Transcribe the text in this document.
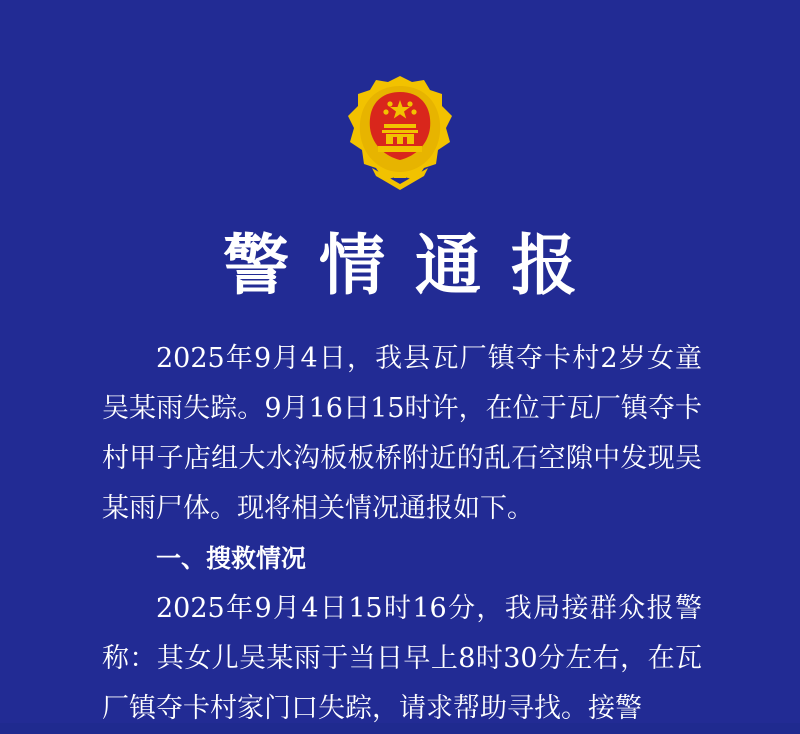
警情通报

2025年9月4日，我县瓦厂镇夺卡村2岁女童吴某雨失踪。9月16日15时许，在位于瓦厂镇夺卡村甲子店组大水沟板板桥附近的乱石空隙中发现吴某雨尸体。现将相关情况通报如下。

一、搜救情况

2025年9月4日15时16分，我局接群众报警称：其女儿吴某雨于当日早上8时30分左右，在瓦厂镇夺卡村家门口失踪，请求帮助寻找。接警
